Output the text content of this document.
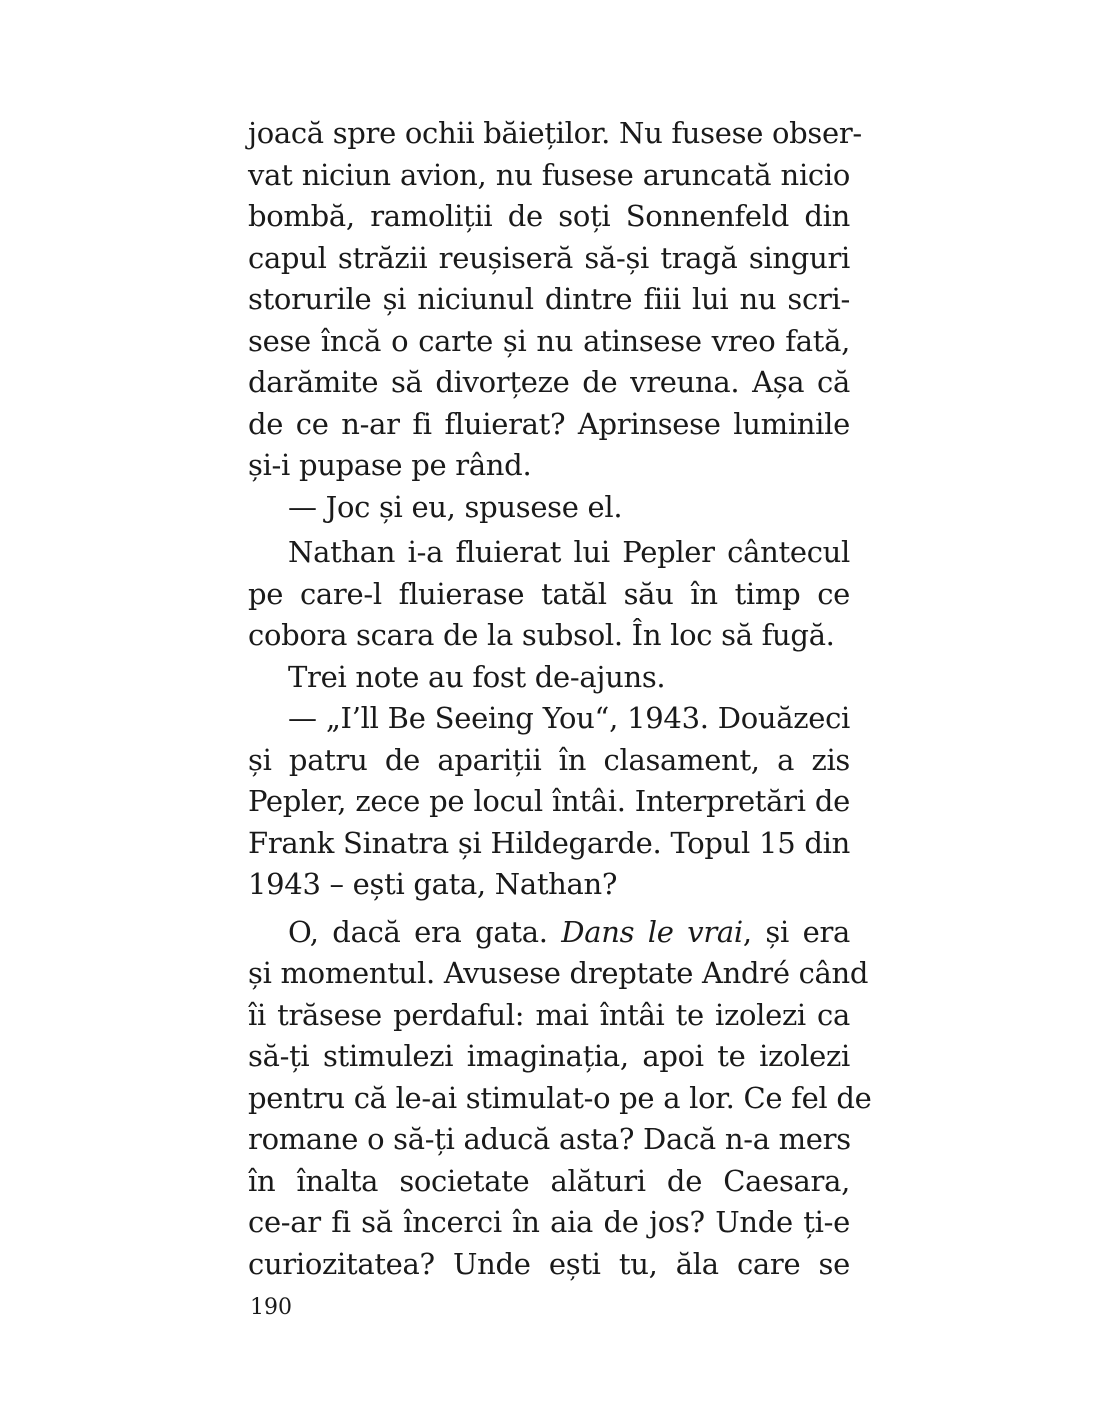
joacă spre ochii băieților. Nu fusese obser-
vat niciun avion, nu fusese aruncată nicio
bombă, ramoliții de soți Sonnenfeld din
capul străzii reușiseră să-și tragă singuri
storurile și niciunul dintre fiii lui nu scri-
sese încă o carte și nu atinsese vreo fată,
darămite să divorțeze de vreuna. Așa că
de ce n-ar fi fluierat? Aprinsese luminile
și-i pupase pe rând.
— Joc și eu, spusese el.
Nathan i-a fluierat lui Pepler cântecul
pe care-l fluierase tatăl său în timp ce
cobora scara de la subsol. În loc să fugă.
Trei note au fost de-ajuns.
— „I’ll Be Seeing You“, 1943. Douăzeci
și patru de apariții în clasament, a zis
Pepler, zece pe locul întâi. Interpretări de
Frank Sinatra și Hildegarde. Topul 15 din
1943 – ești gata, Nathan?
O, dacă era gata. Dans le vrai, și era
și momentul. Avusese dreptate André când
îi trăsese perdaful: mai întâi te izolezi ca
să-ți stimulezi imaginația, apoi te izolezi
pentru că le-ai stimulat-o pe a lor. Ce fel de
romane o să-ți aducă asta? Dacă n-a mers
în înalta societate alături de Caesara,
ce-ar fi să încerci în aia de jos? Unde ți-e
curiozitatea? Unde ești tu, ăla care se
190
